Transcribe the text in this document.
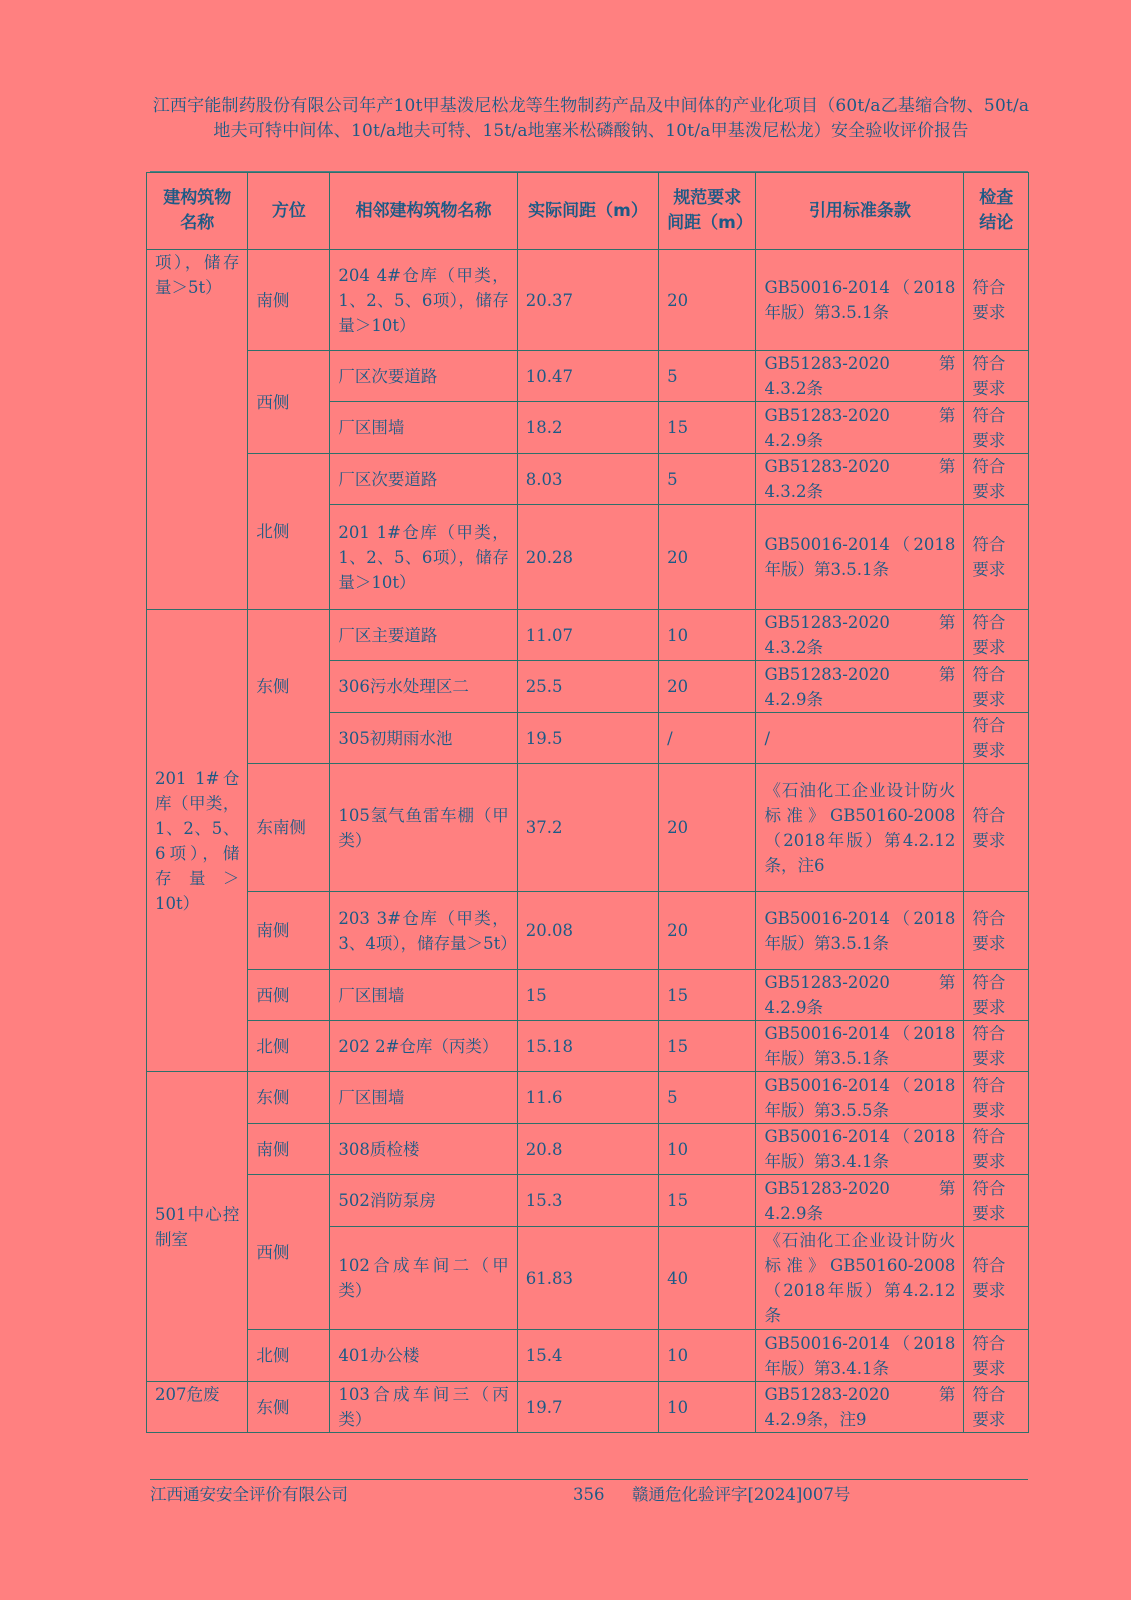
江西宇能制药股份有限公司年产10t甲基泼尼松龙等生物制药产品及中间体的产业化项目（60t/a乙基缩合物、50t/a地夫可特中间体、10t/a地夫可特、15t/a地塞米松磷酸钠、10t/a甲基泼尼松龙）安全验收评价报告
建构筑物名称	方位	相邻建构筑物名称	实际间距（m）	规范要求间距（m）	引用标准条款	检查结论
项），储存量＞5t）	南侧	204 4#仓库（甲类，1、2、5、6项），储存量＞10t）	20.37	20	GB50016-2014（2018年版）第3.5.1条	符合要求
	西侧	厂区次要道路	10.47	5	GB51283-2020　　第4.3.2条	符合要求
		厂区围墙	18.2	15	GB51283-2020　　第4.2.9条	符合要求
	北侧	厂区次要道路	8.03	5	GB51283-2020　　第4.3.2条	符合要求
		201 1#仓库（甲类，1、2、5、6项），储存量＞10t）	20.28	20	GB50016-2014（2018年版）第3.5.1条	符合要求
201 1#仓库（甲类，1、2、5、6项），储存量＞10t）	东侧	厂区主要道路	11.07	10	GB51283-2020　　第4.3.2条	符合要求
		306污水处理区二	25.5	20	GB51283-2020　　第4.2.9条	符合要求
		305初期雨水池	19.5	/	/	符合要求
	东南侧	105氢气鱼雷车棚（甲类）	37.2	20	《石油化工企业设计防火标准》GB50160-2008（2018年版）第4.2.12条，注6	符合要求
	南侧	203 3#仓库（甲类，3、4项），储存量＞5t）	20.08	20	GB50016-2014（2018年版）第3.5.1条	符合要求
	西侧	厂区围墙	15	15	GB51283-2020　　第4.2.9条	符合要求
	北侧	202 2#仓库（丙类）	15.18	15	GB50016-2014（2018年版）第3.5.1条	符合要求
501中心控制室	东侧	厂区围墙	11.6	5	GB50016-2014（2018年版）第3.5.5条	符合要求
	南侧	308质检楼	20.8	10	GB50016-2014（2018年版）第3.4.1条	符合要求
	西侧	502消防泵房	15.3	15	GB51283-2020　　第4.2.9条	符合要求
		102合成车间二（甲类）	61.83	40	《石油化工企业设计防火标准》GB50160-2008（2018年版）第4.2.12条	符合要求
	北侧	401办公楼	15.4	10	GB50016-2014（2018年版）第3.4.1条	符合要求
207危废	东侧	103合成车间三（丙类）	19.7	10	GB51283-2020　　第4.2.9条，注9	符合要求
江西通安安全评价有限公司	356 赣通危化验评字[2024]007号
